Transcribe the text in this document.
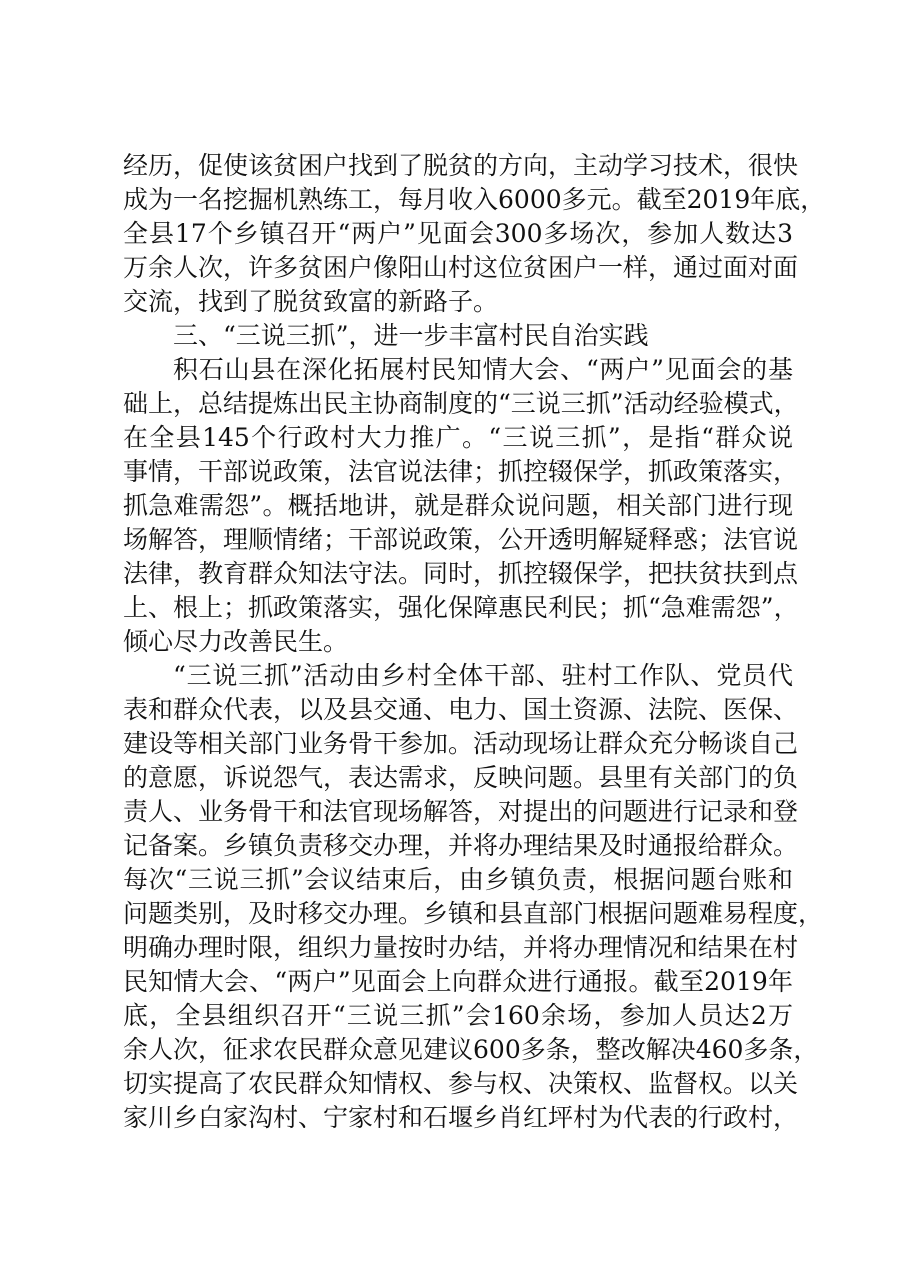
经历，促使该贫困户找到了脱贫的方向，主动学习技术，很快
成为一名挖掘机熟练工，每月收入6000多元。截至2019年底，
全县17个乡镇召开“两户”见面会300多场次，参加人数达3
万余人次，许多贫困户像阳山村这位贫困户一样，通过面对面
交流，找到了脱贫致富的新路子。
三、“三说三抓”，进一步丰富村民自治实践
积石山县在深化拓展村民知情大会、“两户”见面会的基
础上，总结提炼出民主协商制度的“三说三抓”活动经验模式，
在全县145个行政村大力推广。“三说三抓”，是指“群众说
事情，干部说政策，法官说法律；抓控辍保学，抓政策落实，
抓急难需怨”。概括地讲，就是群众说问题，相关部门进行现
场解答，理顺情绪；干部说政策，公开透明解疑释惑；法官说
法律，教育群众知法守法。同时，抓控辍保学，把扶贫扶到点
上、根上；抓政策落实，强化保障惠民利民；抓“急难需怨”，
倾心尽力改善民生。
“三说三抓”活动由乡村全体干部、驻村工作队、党员代
表和群众代表，以及县交通、电力、国土资源、法院、医保、
建设等相关部门业务骨干参加。活动现场让群众充分畅谈自己
的意愿，诉说怨气，表达需求，反映问题。县里有关部门的负
责人、业务骨干和法官现场解答，对提出的问题进行记录和登
记备案。乡镇负责移交办理，并将办理结果及时通报给群众。
每次“三说三抓”会议结束后，由乡镇负责，根据问题台账和
问题类别，及时移交办理。乡镇和县直部门根据问题难易程度，
明确办理时限，组织力量按时办结，并将办理情况和结果在村
民知情大会、“两户”见面会上向群众进行通报。截至2019年
底，全县组织召开“三说三抓”会160余场，参加人员达2万
余人次，征求农民群众意见建议600多条，整改解决460多条，
切实提高了农民群众知情权、参与权、决策权、监督权。以关
家川乡白家沟村、宁家村和石堰乡肖红坪村为代表的行政村，
